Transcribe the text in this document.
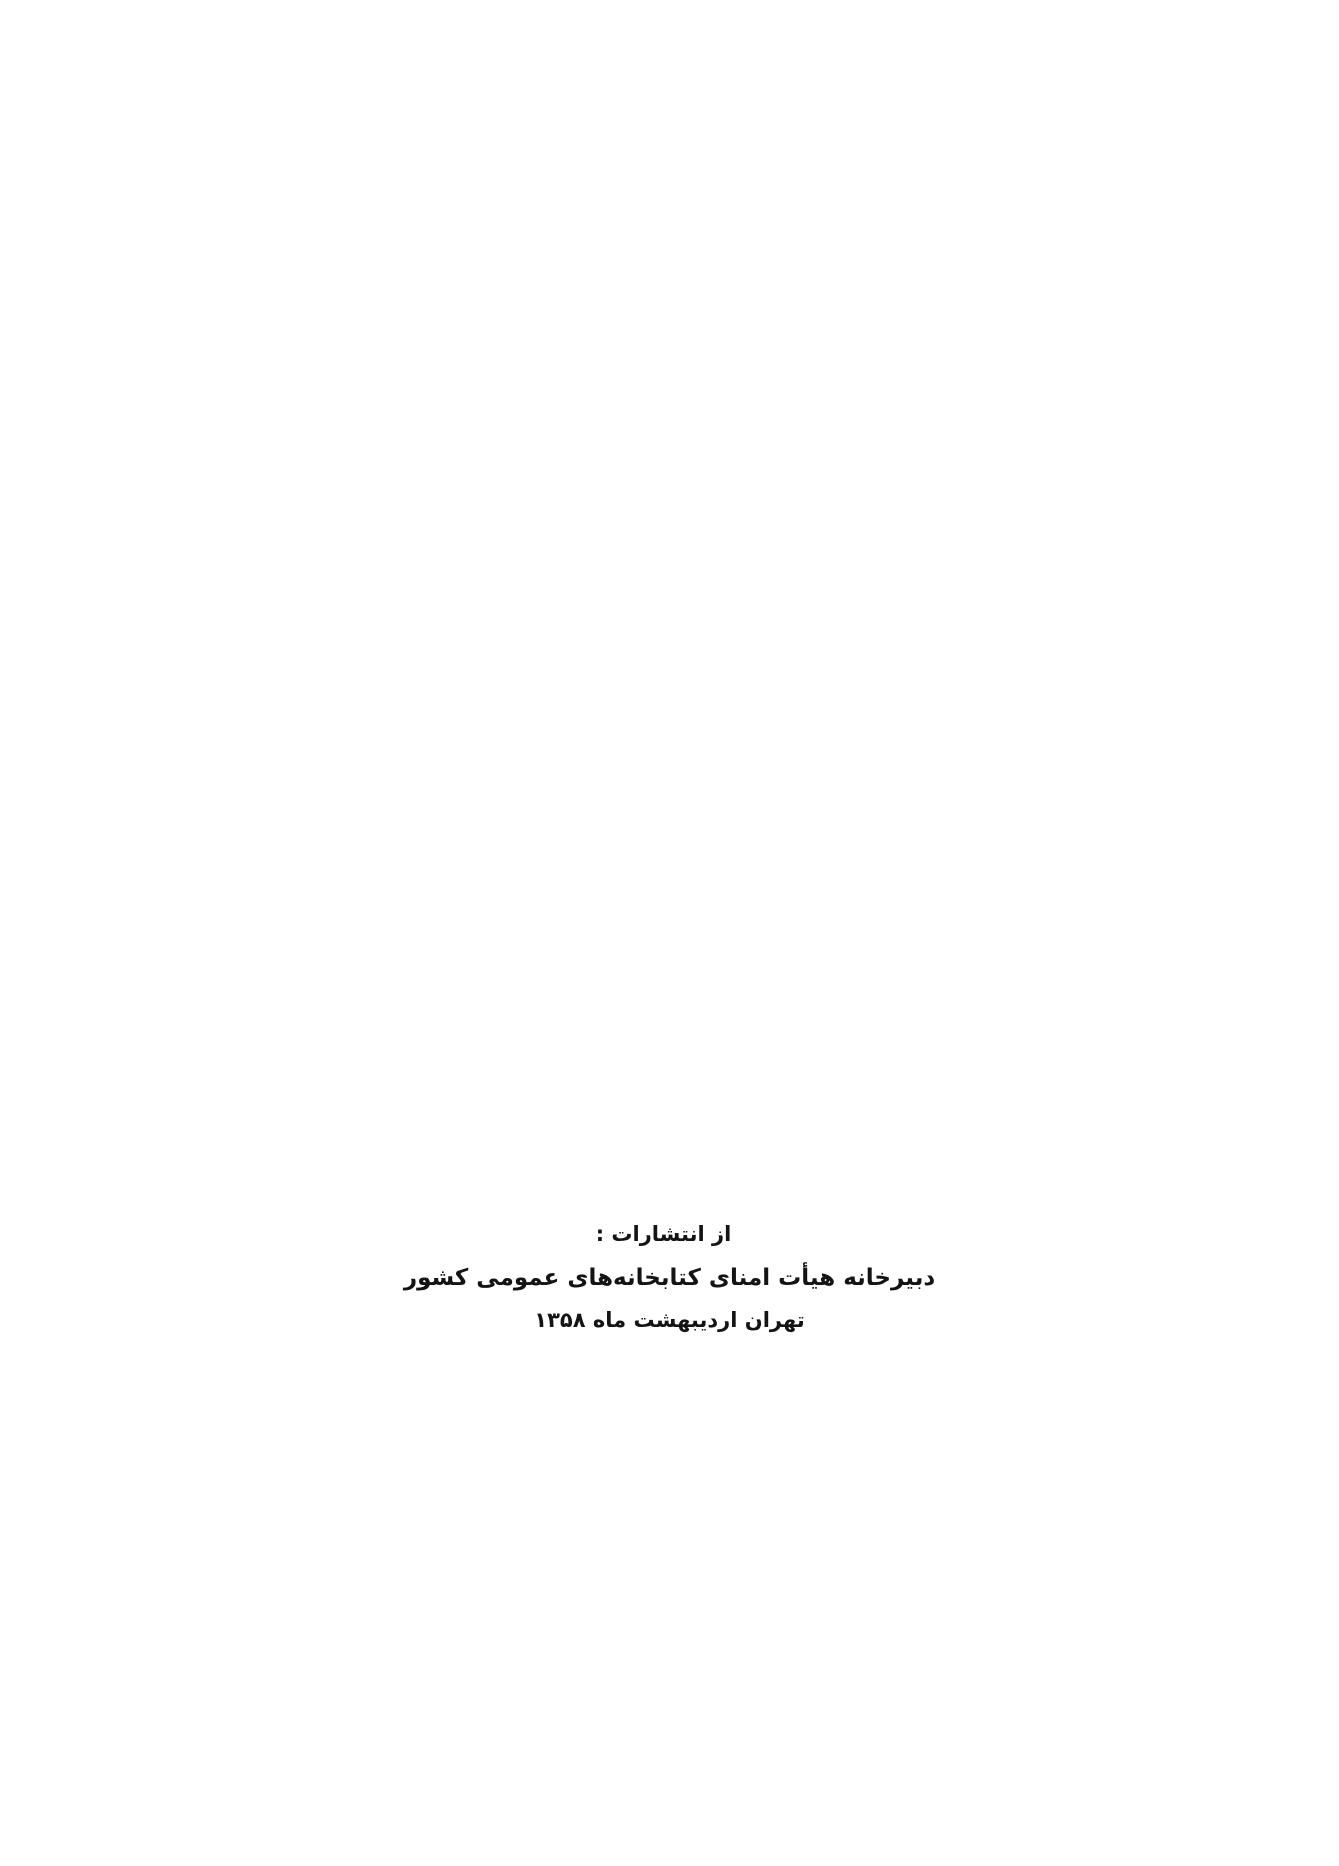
از انتشارات :
دبیرخانه هیأت امنای کتابخانه‌های عمومی کشور
تهران اردیبهشت ماه ۱۳۵۸
